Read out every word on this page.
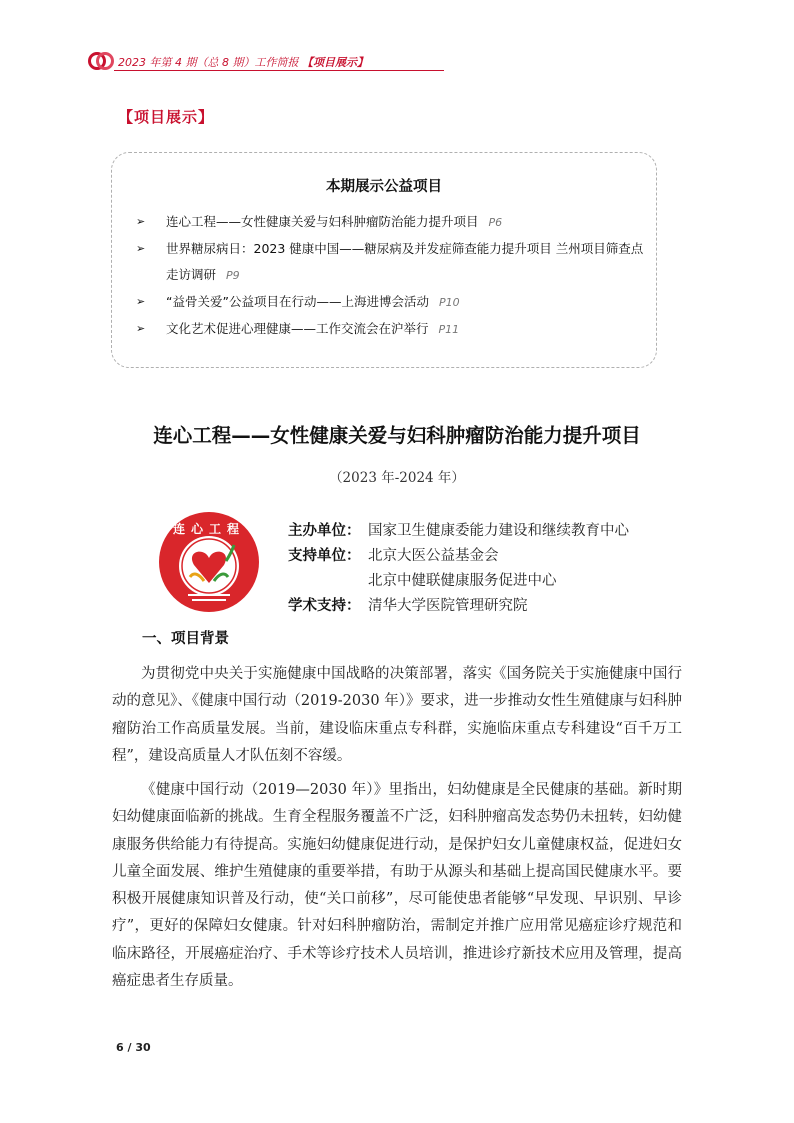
2023 年第 4 期（总 8 期）工作简报 【项目展示】
【项目展示】
本期展示公益项目
➢ 连心工程——女性健康关爱与妇科肿瘤防治能力提升项目 P6
➢ 世界糖尿病日：2023 健康中国——糖尿病及并发症筛查能力提升项目 兰州项目筛查点走访调研 P9
➢ “益骨关爱”公益项目在行动——上海进博会活动 P10
➢ 文化艺术促进心理健康——工作交流会在沪举行 P11
连心工程——女性健康关爱与妇科肿瘤防治能力提升项目
（2023 年-2024 年）
连心工程	主办单位： 国家卫生健康委能力建设和继续教育中心
支持单位： 北京大医公益基金会
北京中健联健康服务促进中心
学术支持： 清华大学医院管理研究院
一、项目背景

为贯彻党中央关于实施健康中国战略的决策部署，落实《国务院关于实施健康中国行动的意见》、《健康中国行动（2019-2030 年）》要求，进一步推动女性生殖健康与妇科肿瘤防治工作高质量发展。当前，建设临床重点专科群，实施临床重点专科建设“百千万工程”，建设高质量人才队伍刻不容缓。

《健康中国行动（2019—2030 年）》里指出，妇幼健康是全民健康的基础。新时期妇幼健康面临新的挑战。生育全程服务覆盖不广泛，妇科肿瘤高发态势仍未扭转，妇幼健康服务供给能力有待提高。实施妇幼健康促进行动，是保护妇女儿童健康权益，促进妇女儿童全面发展、维护生殖健康的重要举措，有助于从源头和基础上提高国民健康水平。要积极开展健康知识普及行动，使“关口前移”，尽可能使患者能够“早发现、早识别、早诊疗”，更好的保障妇女健康。针对妇科肿瘤防治，需制定并推广应用常见癌症诊疗规范和临床路径，开展癌症治疗、手术等诊疗技术人员培训，推进诊疗新技术应用及管理，提高癌症患者生存质量。

6 / 30
